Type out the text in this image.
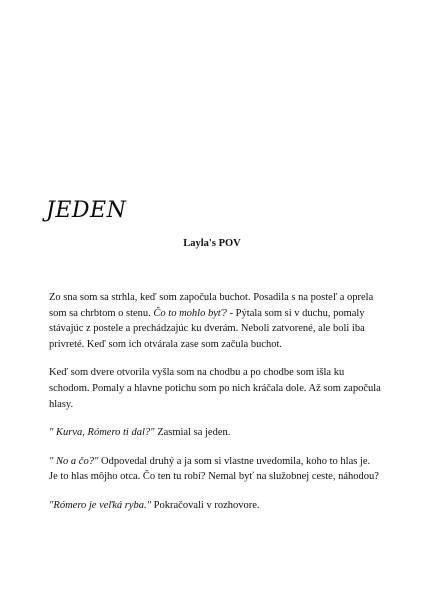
JEDEN
Layla's POV

Zo sna som sa strhla, keď som započula buchot. Posadila s na posteľ a oprela som sa chrbtom o stenu. Čo to mohlo byť? - Pýtala som si v duchu, pomaly stávajúc z postele a prechádzajúc ku dverám. Neboli zatvorené, ale boli iba privreté. Keď som ich otvárala zase som začula buchot.

Keď som dvere otvorila vyšla som na chodbu a po chodbe som išla ku schodom. Pomaly a hlavne potichu som po nich kráčala dole. Až som započula hlasy.

" Kurva, Rómero ti dal?" Zasmial sa jeden.

" No a čo?" Odpovedal druhý a ja som si vlastne uvedomila, koho to hlas je. Je to hlas môjho otca. Čo ten tu robí? Nemal byť na služobnej ceste, náhodou?

"Rómero je veľká ryba." Pokračovali v rozhovore.
